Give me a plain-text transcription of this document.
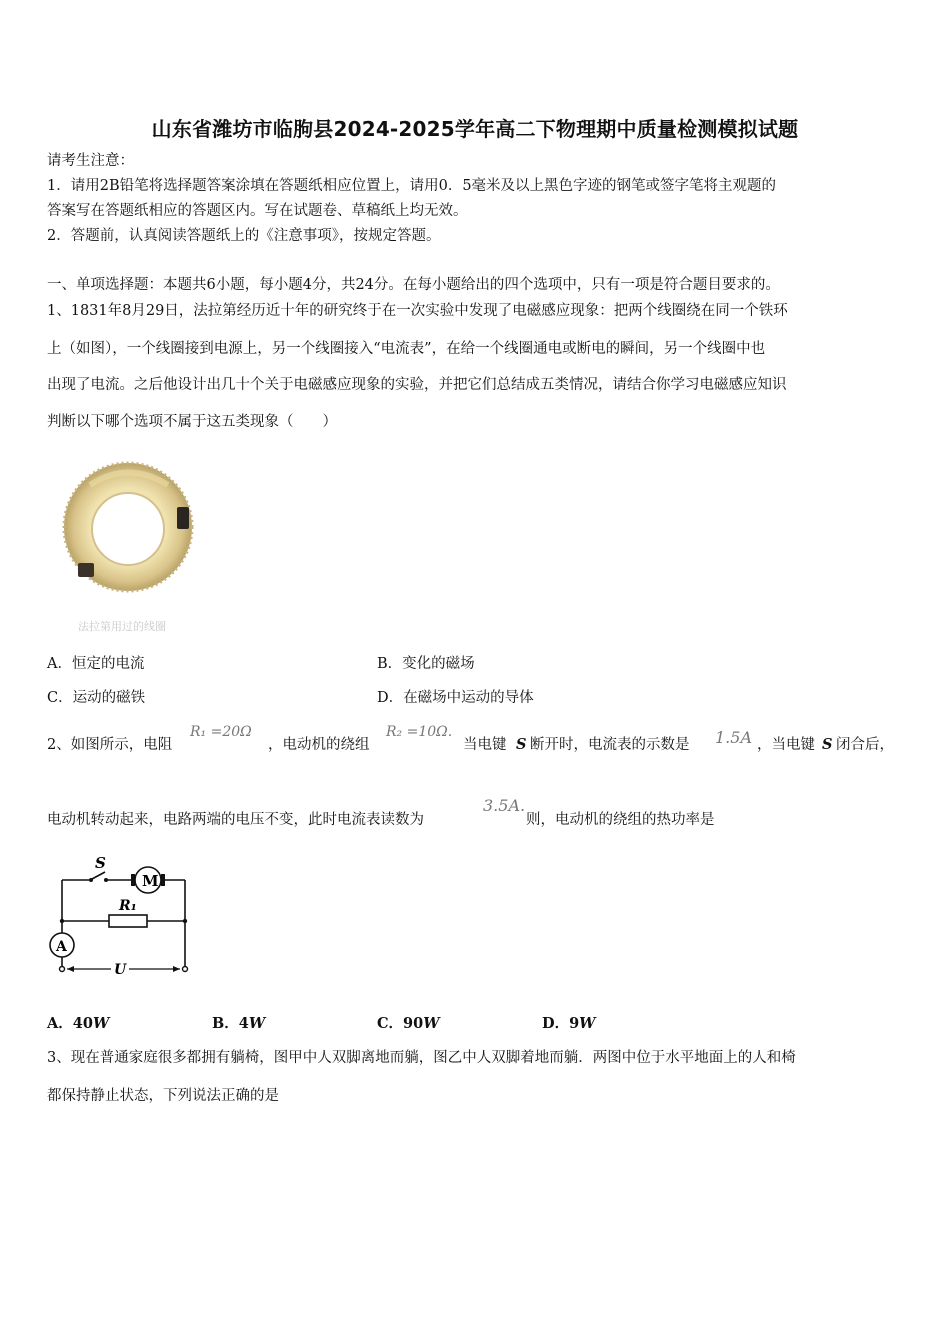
山东省潍坊市临朐县2024-2025学年高二下物理期中质量检测模拟试题
请考生注意：
1．请用2B铅笔将选择题答案涂填在答题纸相应位置上，请用0．5毫米及以上黑色字迹的钢笔或签字笔将主观题的
答案写在答题纸相应的答题区内。写在试题卷、草稿纸上均无效。
2．答题前，认真阅读答题纸上的《注意事项》，按规定答题。
一、单项选择题：本题共6小题，每小题4分，共24分。在每小题给出的四个选项中，只有一项是符合题目要求的。
1、1831年8月29日，法拉第经历近十年的研究终于在一次实验中发现了电磁感应现象：把两个线圈绕在同一个铁环
上（如图），一个线圈接到电源上，另一个线圈接入“电流表”，在给一个线圈通电或断电的瞬间，另一个线圈中也
出现了电流。之后他设计出几十个关于电磁感应现象的实验，并把它们总结成五类情况，请结合你学习电磁感应知识
判断以下哪个选项不属于这五类现象（　　）
法拉第用过的线圈
A．恒定的电流	B．变化的磁场
C．运动的磁铁	D．在磁场中运动的导体
2、如图所示，电阻
R₁ =20Ω
，电动机的绕组
R₂ =10Ω.
当电键 S 断开时，电流表的示数是 1.5A ，当电键 S 闭合后，
电动机转动起来，电路两端的电压不变，此时电流表读数为
3.5A.
则，电动机的绕组的热功率是
S
M
R₁
A
U
A．40W	B．4W	C．90W	D．9W
3、现在普通家庭很多都拥有躺椅，图甲中人双脚离地而躺，图乙中人双脚着地而躺．两图中位于水平地面上的人和椅
都保持静止状态，下列说法正确的是
